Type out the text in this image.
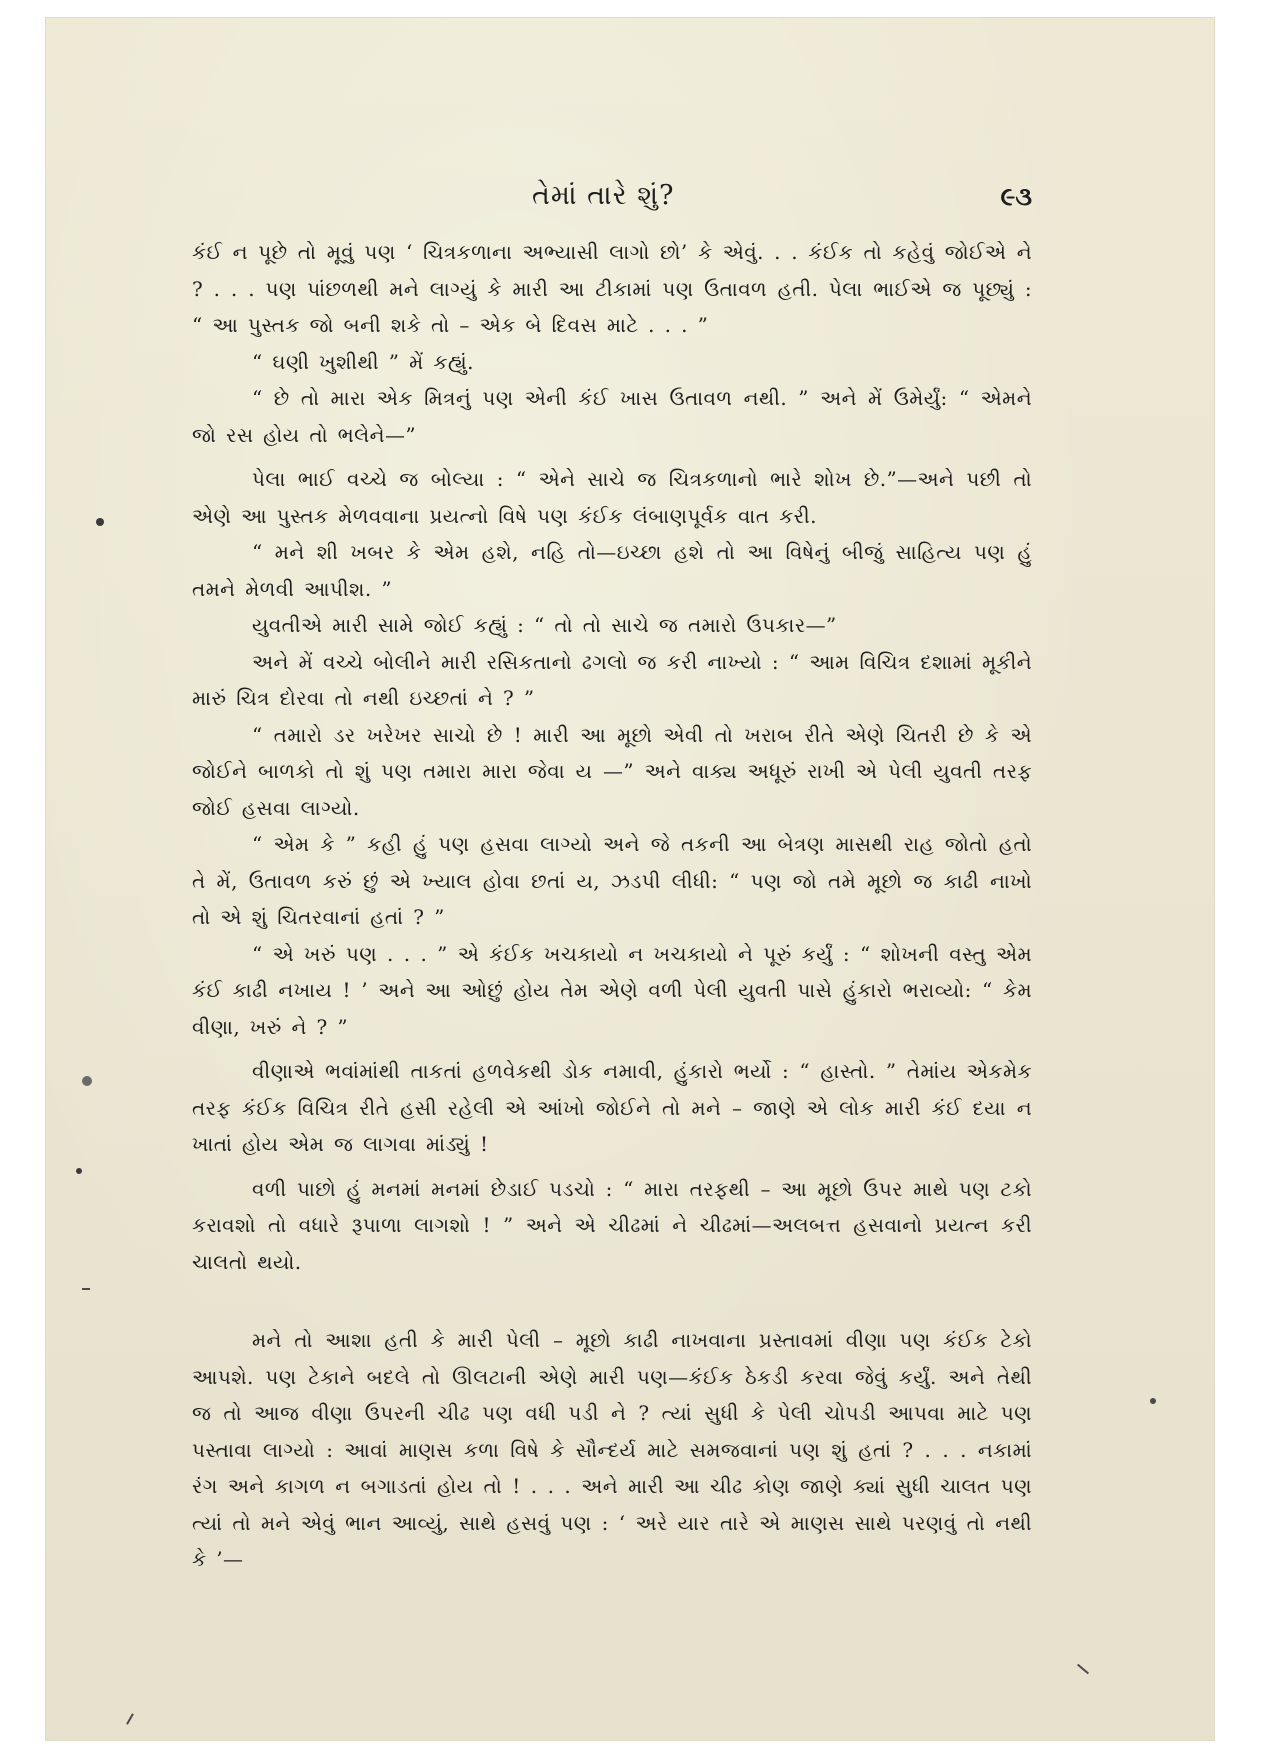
તેમાં તારે શું?	૯૩

કંઈ ન પૂછે તો મૂવું પણ ‘ ચિત્રકળાના અભ્યાસી લાગો છો’ કે એવું. . . કંઈક તો કહેવું જોઈએ ને ? . . . પણ પાંછળથી મને લાગ્યું કે મારી આ ટીકામાં પણ ઉતાવળ હતી. પેલા ભાઈએ જ પૂછ્યું : “ આ પુસ્તક જો બની શકે તો – એક બે દિવસ માટે . . . ”

“ ઘણી ખુશીથી ” મેં કહ્યું.

“ છે તો મારા એક મિત્રનું પણ એની કંઈ ખાસ ઉતાવળ નથી. ” અને મેં ઉમેર્યું: “ એમને જો રસ હોય તો ભલેને—”

પેલા ભાઈ વચ્ચે જ બોલ્યા : “ એને સાચે જ ચિત્રકળાનો ભારે શોખ છે.”—અને પછી તો એણે આ પુસ્તક મેળવવાના પ્રયત્નો વિષે પણ કંઈક લંબાણપૂર્વક વાત કરી.

“ મને શી ખબર કે એમ હશે, નહિ તો—ઇચ્છા હશે તો આ વિષેનું બીજું સાહિત્ય પણ હું તમને મેળવી આપીશ. ”

યુવતીએ મારી સામે જોઈ કહ્યું : “ તો તો સાચે જ તમારો ઉપકાર—”

અને મેં વચ્ચે બોલીને મારી રસિકતાનો ઢગલો જ કરી નાખ્યો : “ આમ વિચિત્ર દશામાં મૂકીને મારું ચિત્ર દોરવા તો નથી ઇચ્છતાં ને ? ”

“ તમારો ડર ખરેખર સાચો છે ! મારી આ મૂછો એવી તો ખરાબ રીતે એણે ચિતરી છે કે એ જોઈને બાળકો તો શું પણ તમારા મારા જેવા ય —” અને વાક્ય અધૂરું રાખી એ પેલી યુવતી તરફ જોઈ હસવા લાગ્યો.

“ એમ કે ” કહી હું પણ હસવા લાગ્યો અને જે તકની આ બેત્રણ માસથી રાહ જોતો હતો તે મેં, ઉતાવળ કરું છું એ ખ્યાલ હોવા છતાં ય, ઝડપી લીધી: “ પણ જો તમે મૂછો જ કાઢી નાખો તો એ શું ચિતરવાનાં હતાં ? ”

“ એ ખરું પણ . . . ” એ કંઈક ખચકાયો ન ખચકાયો ને પૂરું કર્યું : “ શોખની વસ્તુ એમ કંઈ કાઢી નખાય ! ’ અને આ ઓછું હોય તેમ એણે વળી પેલી યુવતી પાસે હુંકારો ભરાવ્યો: “ કેમ વીણા, ખરું ને ? ”

વીણાએ ભવાંમાંથી તાકતાં હળવેકથી ડોક નમાવી, હુંકારો ભર્યો : “ હાસ્તો. ” તેમાંય એકમેક તરફ કંઈક વિચિત્ર રીતે હસી રહેલી એ આંખો જોઈને તો મને – જાણે એ લોક મારી કંઈ દયા ન ખાતાં હોય એમ જ લાગવા માંડ્યું !

વળી પાછો હું મનમાં મનમાં છેડાઈ પડચો : “ મારા તરફથી – આ મૂછો ઉપર માથે પણ ટકો કરાવશો તો વધારે રૂપાળા લાગશો ! ” અને એ ચીઢમાં ને ચીઢમાં—અલબત્ત હસવાનો પ્રયત્ન કરી ચાલતો થયો.

મને તો આશા હતી કે મારી પેલી – મૂછો કાઢી નાખવાના પ્રસ્તાવમાં વીણા પણ કંઈક ટેકો આપશે. પણ ટેકાને બદલે તો ઊલટાની એણે મારી પણ—કંઈક ઠેકડી કરવા જેવું કર્યું. અને તેથી જ તો આજ વીણા ઉપરની ચીઢ પણ વધી પડી ને ? ત્યાં સુધી કે પેલી ચોપડી આપવા માટે પણ પસ્તાવા લાગ્યો : આવાં માણસ કળા વિષે કે સૌન્દર્ય માટે સમજવાનાં પણ શું હતાં ? . . . નકામાં રંગ અને કાગળ ન બગાડતાં હોય તો ! . . . અને મારી આ ચીઢ કોણ જાણે ક્યાં સુધી ચાલત પણ ત્યાં તો મને એવું ભાન આવ્યું, સાથે હસવું પણ : ‘ અરે યાર તારે એ માણસ સાથે પરણવું તો નથી કે ’—
